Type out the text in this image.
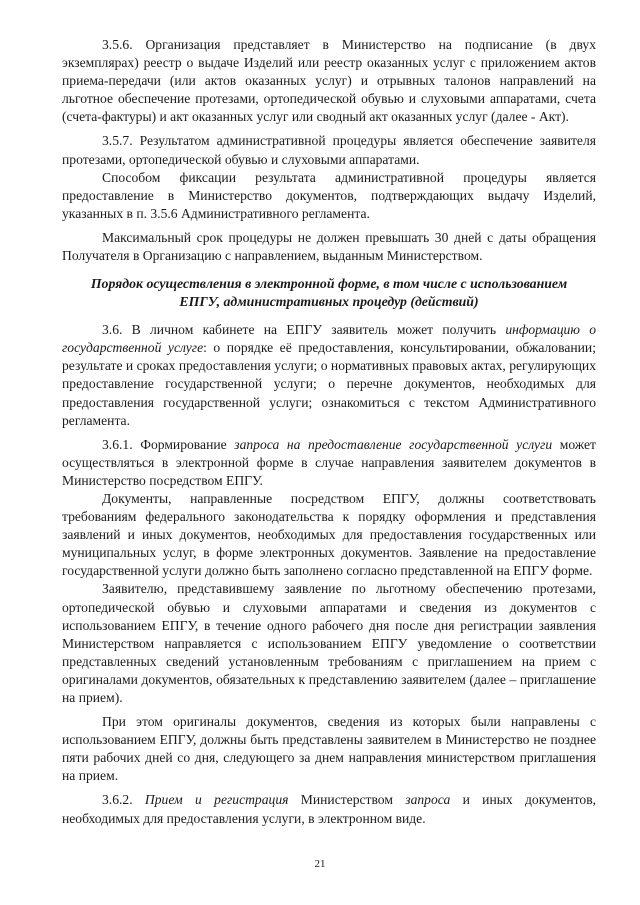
3.5.6. Организация представляет в Министерство на подписание (в двух экземплярах) реестр о выдаче Изделий или реестр оказанных услуг с приложением актов приема-передачи (или актов оказанных услуг) и отрывных талонов направлений на льготное обеспечение протезами, ортопедической обувью и слуховыми аппаратами, счета (счета-фактуры) и акт оказанных услуг или сводный акт оказанных услуг (далее - Акт).

3.5.7. Результатом административной процедуры является обеспечение заявителя протезами, ортопедической обувью и слуховыми аппаратами.

Способом фиксации результата административной процедуры является предоставление в Министерство документов, подтверждающих выдачу Изделий, указанных в п. 3.5.6 Административного регламента.

Максимальный срок процедуры не должен превышать 30 дней с даты обращения Получателя в Организацию с направлением, выданным Министерством.

Порядок осуществления в электронной форме, в том числе с использованием
ЕПГУ, административных процедур (действий)

3.6. В личном кабинете на ЕПГУ заявитель может получить информацию о государственной услуге: о порядке её предоставления, консультировании, обжаловании; результате и сроках предоставления услуги; о нормативных правовых актах, регулирующих предоставление государственной услуги; о перечне документов, необходимых для предоставления государственной услуги; ознакомиться с текстом Административного регламента.

3.6.1. Формирование запроса на предоставление государственной услуги может осуществляться в электронной форме в случае направления заявителем документов в Министерство посредством ЕПГУ.

Документы, направленные посредством ЕПГУ, должны соответствовать требованиям федерального законодательства к порядку оформления и представления заявлений и иных документов, необходимых для предоставления государственных или муниципальных услуг, в форме электронных документов. Заявление на предоставление государственной услуги должно быть заполнено согласно представленной на ЕПГУ форме.

Заявителю, представившему заявление по льготному обеспечению протезами, ортопедической обувью и слуховыми аппаратами и сведения из документов с использованием ЕПГУ, в течение одного рабочего дня после дня регистрации заявления Министерством направляется с использованием ЕПГУ уведомление о соответствии представленных сведений установленным требованиям с приглашением на прием с оригиналами документов, обязательных к представлению заявителем (далее – приглашение на прием).

При этом оригиналы документов, сведения из которых были направлены с использованием ЕПГУ, должны быть представлены заявителем в Министерство не позднее пяти рабочих дней со дня, следующего за днем направления министерством приглашения на прием.

3.6.2. Прием и регистрация Министерством запроса и иных документов, необходимых для предоставления услуги, в электронном виде.

21
